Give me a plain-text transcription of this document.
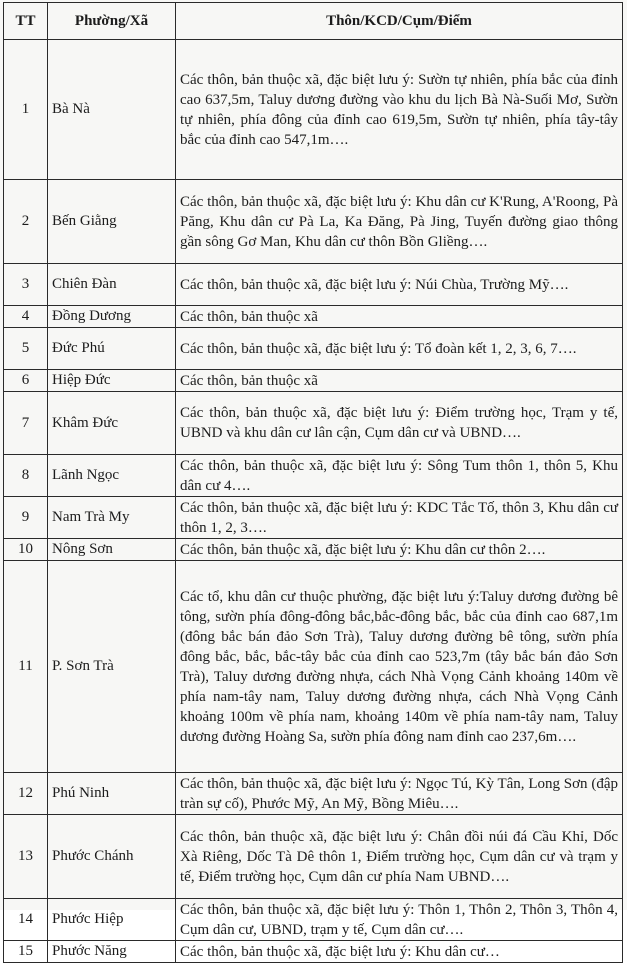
TT	Phường/Xã	Thôn/KCD/Cụm/Điểm
1	Bà Nà	Các thôn, bản thuộc xã, đặc biệt lưu ý: Sườn tự nhiên, phía bắc của đỉnh cao 637,5m, Taluy dương đường vào khu du lịch Bà Nà-Suối Mơ, Sườn tự nhiên, phía đông của đỉnh cao 619,5m, Sườn tự nhiên, phía tây-tây bắc của đỉnh cao 547,1m….
2	Bến Giằng	Các thôn, bản thuộc xã, đặc biệt lưu ý: Khu dân cư K'Rung, A'Roong, Pà Păng, Khu dân cư Pà La, Ka Đăng, Pà Jing, Tuyến đường giao thông gần sông Gơ Man, Khu dân cư thôn Bồn Gliềng….
3	Chiên Đàn	Các thôn, bản thuộc xã, đặc biệt lưu ý: Núi Chùa, Trường Mỹ….
4	Đồng Dương	Các thôn, bản thuộc xã
5	Đức Phú	Các thôn, bản thuộc xã, đặc biệt lưu ý: Tổ đoàn kết 1, 2, 3, 6, 7….
6	Hiệp Đức	Các thôn, bản thuộc xã
7	Khâm Đức	Các thôn, bản thuộc xã, đặc biệt lưu ý: Điểm trường học, Trạm y tế, UBND và khu dân cư lân cận, Cụm dân cư và UBND….
8	Lãnh Ngọc	Các thôn, bản thuộc xã, đặc biệt lưu ý: Sông Tum thôn 1, thôn 5, Khu dân cư 4….
9	Nam Trà My	Các thôn, bản thuộc xã, đặc biệt lưu ý: KDC Tắc Tố, thôn 3, Khu dân cư thôn 1, 2, 3….
10	Nông Sơn	Các thôn, bản thuộc xã, đặc biệt lưu ý: Khu dân cư thôn 2….
11	P. Sơn Trà	Các tổ, khu dân cư thuộc phường, đặc biệt lưu ý:Taluy dương đường bê tông, sườn phía đông-đông bắc,bắc-đông bắc, bắc của đỉnh cao 687,1m (đông bắc bán đảo Sơn Trà), Taluy dương đường bê tông, sườn phía đông bắc, bắc, bắc-tây bắc của đỉnh cao 523,7m (tây bắc bán đảo Sơn Trà), Taluy dương đường nhựa, cách Nhà Vọng Cảnh khoảng 140m về phía nam-tây nam, Taluy dương đường nhựa, cách Nhà Vọng Cảnh khoảng 100m về phía nam, khoảng 140m về phía nam-tây nam, Taluy dương đường Hoàng Sa, sườn phía đông nam đỉnh cao 237,6m….
12	Phú Ninh	Các thôn, bản thuộc xã, đặc biệt lưu ý: Ngọc Tú, Kỳ Tân, Long Sơn (đập tràn sự cố), Phước Mỹ, An Mỹ, Bồng Miêu….
13	Phước Chánh	Các thôn, bản thuộc xã, đặc biệt lưu ý: Chân đồi núi đá Cầu Khỉ, Dốc Xà Riêng, Dốc Tà Dê thôn 1, Điểm trường học, Cụm dân cư và trạm y tế, Điểm trường học, Cụm dân cư phía Nam UBND….
14	Phước Hiệp	Các thôn, bản thuộc xã, đặc biệt lưu ý: Thôn 1, Thôn 2, Thôn 3, Thôn 4, Cụm dân cư, UBND, trạm y tế, Cụm dân cư….
15	Phước Năng	Các thôn, bản thuộc xã, đặc biệt lưu ý: Khu dân cư…
